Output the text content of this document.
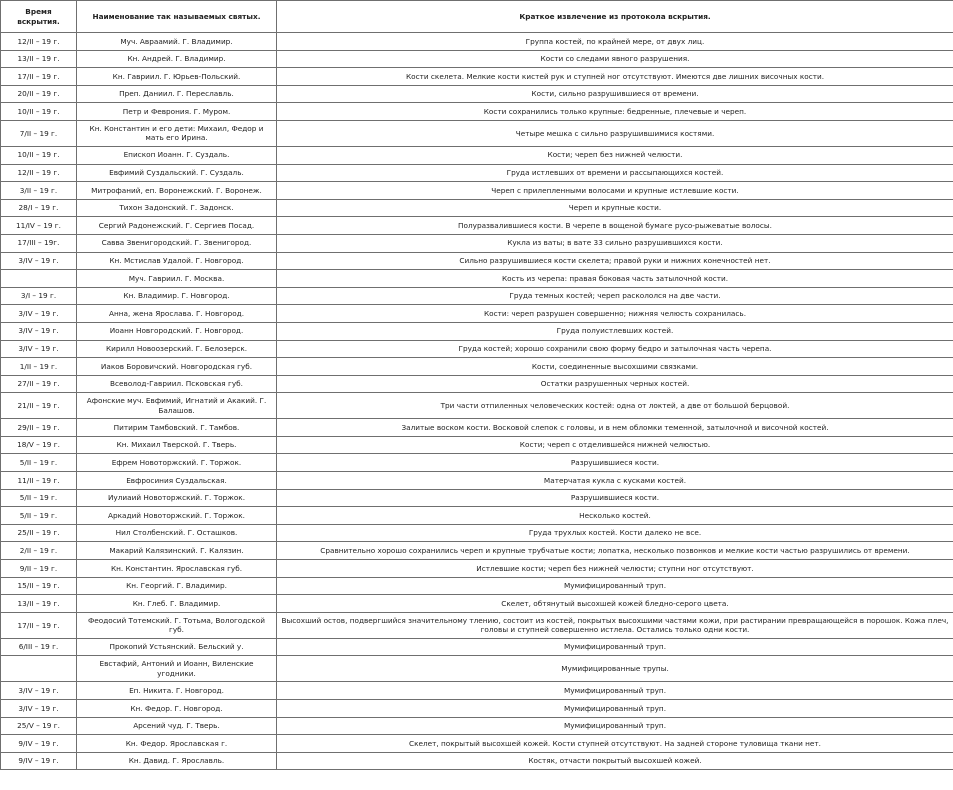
Время вскрытия.	Наименование так называемых святых.	Краткое извлечение из протокола вскрытия.
12/II – 19 г.	Муч. Авраамий. Г. Владимир.	Группа костей, по крайней мере, от двух лиц.
13/II – 19 г.	Кн. Андрей. Г. Владимир.	Кости со следами явного разрушения.
17/II – 19 г.	Кн. Гавриил. Г. Юрьев-Польский.	Кости скелета. Мелкие кости кистей рук и ступней ног отсутствуют. Имеются две лишних височных кости.
20/II – 19 г.	Преп. Даниил. Г. Переславль.	Кости, сильно разрушившиеся от времени.
10/II – 19 г.	Петр и Феврония. Г. Муром.	Кости сохранились только крупные: бедренные, плечевые и череп.
7/II – 19 г.	Кн. Константин и его дети: Михаил, Федор и мать его Ирина.	Четыре мешка с сильно разрушившимися костями.
10/II – 19 г.	Епископ Иоанн. Г. Суздаль.	Кости; череп без нижней челюсти.
12/II – 19 г.	Евфимий Суздальский. Г. Суздаль.	Груда истлевших от времени и рассыпающихся костей.
3/II – 19 г.	Митрофаний, еп. Воронежский. Г. Воронеж.	Череп с прилепленными волосами и крупные истлевшие кости.
28/I – 19 г.	Тихон Задонский. Г. Задонск.	Череп и крупные кости.
11/IV – 19 г.	Сергий Радонежский. Г. Сергиев Посад.	Полуразвалившиеся кости. В черепе в вощеной бумаге русо-рыжеватые волосы.
17/III – 19г.	Савва Звенигородский. Г. Звенигород.	Кукла из ваты; в вате 33 сильно разрушившихся кости.
3/IV – 19 г.	Кн. Мстислав Удалой. Г. Новгород.	Сильно разрушившиеся кости скелета; правой руки и нижних конечностей нет.
	Муч. Гавриил. Г. Москва.	Кость из черепа: правая боковая часть затылочной кости.
3/I – 19 г.	Кн. Владимир. Г. Новгород.	Груда темных костей; череп раскололся на две части.
3/IV – 19 г.	Анна, жена Ярослава. Г. Новгород.	Кости: череп разрушен совершенно; нижняя челюсть сохранилась.
3/IV – 19 г.	Иоанн Новгородский. Г. Новгород.	Груда полуистлевших костей.
3/IV – 19 г.	Кирилл Новоозерский. Г. Белозерск.	Груда костей; хорошо сохранили свою форму бедро и затылочная часть черепа.
1/II – 19 г.	Иаков Боровичский. Новгородская губ.	Кости, соединенные высохшими связками.
27/II – 19 г.	Всеволод-Гавриил. Псковская губ.	Остатки разрушенных черных костей.
21/II – 19 г.	Афонские муч. Евфимий, Игнатий и Акакий. Г. Балашов.	Три части отпиленных человеческих костей: одна от локтей, а две от большой берцовой.
29/II – 19 г.	Питирим Тамбовский. Г. Тамбов.	Залитые воском кости. Восковой слепок с головы, и в нем обломки теменной, затылочной и височной костей.
18/V – 19 г.	Кн. Михаил Тверской. Г. Тверь.	Кости; череп с отделившейся нижней челюстью.
5/II – 19 г.	Ефрем Новоторжский. Г. Торжок.	Разрушившиеся кости.
11/II – 19 г.	Евфросиния Суздальская.	Матерчатая кукла с кусками костей.
5/II – 19 г.	Иулиаий Новоторжский. Г. Торжок.	Разрушившиеся кости.
5/II – 19 г.	Аркадий Новоторжский. Г. Торжок.	Несколько костей.
25/II – 19 г.	Нил Столбенский. Г. Осташков.	Груда трухлых костей. Кости далеко не все.
2/II – 19 г.	Макарий Калязинский. Г. Калязин.	Сравнительно хорошо сохранились череп и крупные трубчатые кости; лопатка, несколько позвонков и мелкие кости частью разрушились от времени.
9/II – 19 г.	Кн. Константин. Ярославская губ.	Истлевшие кости; череп без нижней челюсти; ступни ног отсутствуют.
15/II – 19 г.	Кн. Георгий. Г. Владимир.	Мумифицированный труп.
13/II – 19 г.	Кн. Глеб. Г. Владимир.	Скелет, обтянутый высохшей кожей бледно-серого цвета.
17/II – 19 г.	Феодосий Тотемский. Г. Тотьма, Вологодской губ.	Высохший остов, подвергшийся значительному тлению, состоит из костей, покрытых высохшими частями кожи, при растирании превращающейся в порошок. Кожа плеч, головы и ступней совершенно истлела. Остались только одни кости.
6/III – 19 г.	Прокопий Устьянский. Бельский у.	Мумифицированный труп.
	Евстафий, Антоний и Иоанн, Виленские угодники.	Мумифицированные трупы.
3/IV – 19 г.	Еп. Никита. Г. Новгород.	Мумифицированный труп.
3/IV – 19 г.	Кн. Федор. Г. Новгород.	Мумифицированный труп.
25/V – 19 г.	Арсений чуд. Г. Тверь.	Мумифицированный труп.
9/IV – 19 г.	Кн. Федор. Ярославская г.	Скелет, покрытый высохшей кожей. Кости ступней отсутствуют. На задней стороне туловища ткани нет.
9/IV – 19 г.	Кн. Давид. Г. Ярославль.	Костяк, отчасти покрытый высохшей кожей.
